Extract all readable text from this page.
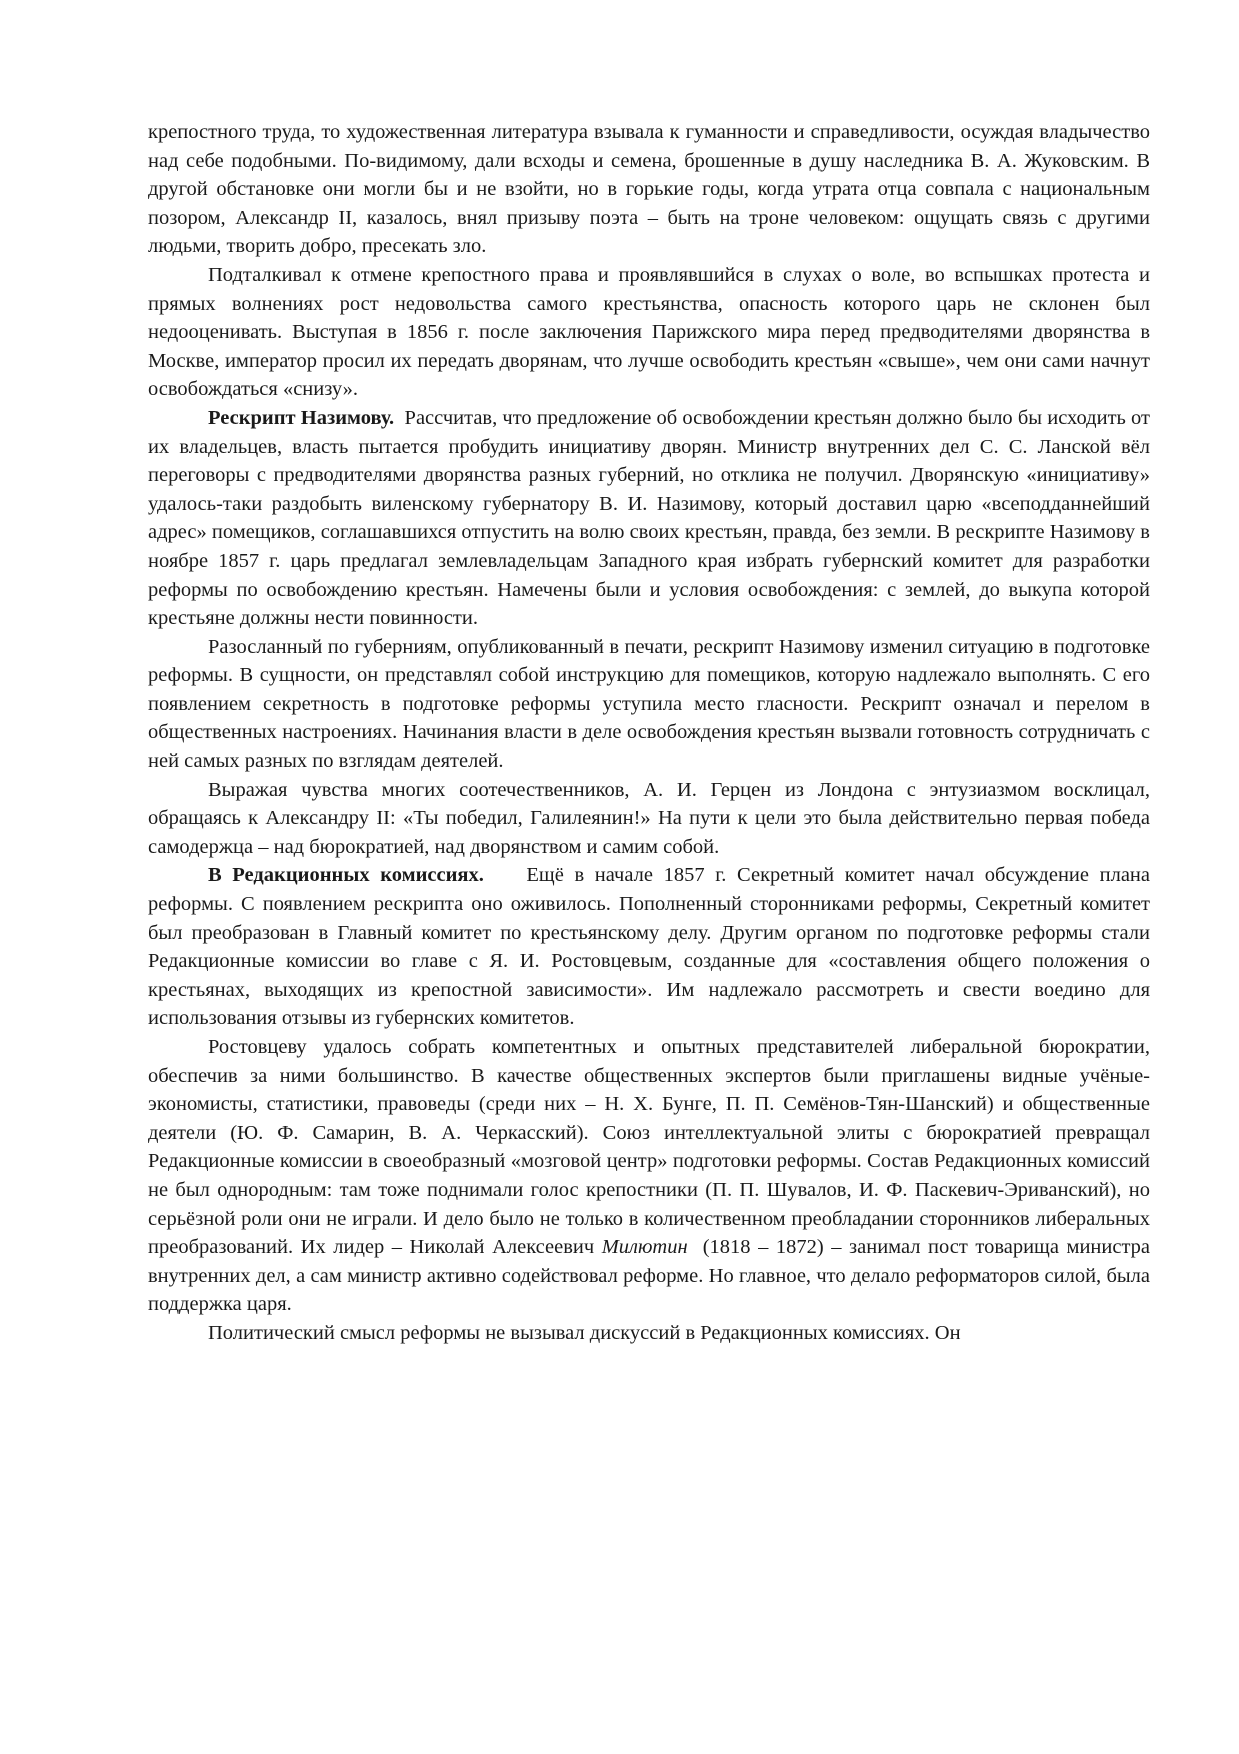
крепостного труда, то художественная литература взывала к гуманности и справедливости, осуждая владычество над себе подобными. По-видимому, дали всходы и семена, брошенные в душу наследника В. А. Жуковским. В другой обстановке они могли бы и не взойти, но в горькие годы, когда утрата отца совпала с национальным позором, Александр II, казалось, внял призыву поэта – быть на троне человеком: ощущать связь с другими людьми, творить добро, пресекать зло.

Подталкивал к отмене крепостного права и проявлявшийся в слухах о воле, во вспышках протеста и прямых волнениях рост недовольства самого крестьянства, опасность которого царь не склонен был недооценивать. Выступая в 1856 г. после заключения Парижского мира перед предводителями дворянства в Москве, император просил их передать дворянам, что лучше освободить крестьян «свыше», чем они сами начнут освобождаться «снизу».

Рескрипт Назимову. Рассчитав, что предложение об освобождении крестьян должно было бы исходить от их владельцев, власть пытается пробудить инициативу дворян. Министр внутренних дел С. С. Ланской вёл переговоры с предводителями дворянства разных губерний, но отклика не получил. Дворянскую «инициативу» удалось-таки раздобыть виленскому губернатору В. И. Назимову, который доставил царю «всеподданнейший адрес» помещиков, соглашавшихся отпустить на волю своих крестьян, правда, без земли. В рескрипте Назимову в ноябре 1857 г. царь предлагал землевладельцам Западного края избрать губернский комитет для разработки реформы по освобождению крестьян. Намечены были и условия освобождения: с землей, до выкупа которой крестьяне должны нести повинности.

Разосланный по губерниям, опубликованный в печати, рескрипт Назимову изменил ситуацию в подготовке реформы. В сущности, он представлял собой инструкцию для помещиков, которую надлежало выполнять. С его появлением секретность в подготовке реформы уступила место гласности. Рескрипт означал и перелом в общественных настроениях. Начинания власти в деле освобождения крестьян вызвали готовность сотрудничать с ней самых разных по взглядам деятелей.

Выражая чувства многих соотечественников, А. И. Герцен из Лондона с энтузиазмом восклицал, обращаясь к Александру II: «Ты победил, Галилеянин!» На пути к цели это была действительно первая победа самодержца – над бюрократией, над дворянством и самим собой.

В Редакционных комиссиях. Ещё в начале 1857 г. Секретный комитет начал обсуждение плана реформы. С появлением рескрипта оно оживилось. Пополненный сторонниками реформы, Секретный комитет был преобразован в Главный комитет по крестьянскому делу. Другим органом по подготовке реформы стали Редакционные комиссии во главе с Я. И. Ростовцевым, созданные для «составления общего положения о крестьянах, выходящих из крепостной зависимости». Им надлежало рассмотреть и свести воедино для использования отзывы из губернских комитетов.

Ростовцеву удалось собрать компетентных и опытных представителей либеральной бюрократии, обеспечив за ними большинство. В качестве общественных экспертов были приглашены видные учёные-экономисты, статистики, правоведы (среди них – Н. Х. Бунге, П. П. Семёнов-Тян-Шанский) и общественные деятели (Ю. Ф. Самарин, В. А. Черкасский). Союз интеллектуальной элиты с бюрократией превращал Редакционные комиссии в своеобразный «мозговой центр» подготовки реформы. Состав Редакционных комиссий не был однородным: там тоже поднимали голос крепостники (П. П. Шувалов, И. Ф. Паскевич-Эриванский), но серьёзной роли они не играли. И дело было не только в количественном преобладании сторонников либеральных преобразований. Их лидер – Николай Алексеевич Милютин (1818 – 1872) – занимал пост товарища министра внутренних дел, а сам министр активно содействовал реформе. Но главное, что делало реформаторов силой, была поддержка царя.

Политический смысл реформы не вызывал дискуссий в Редакционных комиссиях. Он
